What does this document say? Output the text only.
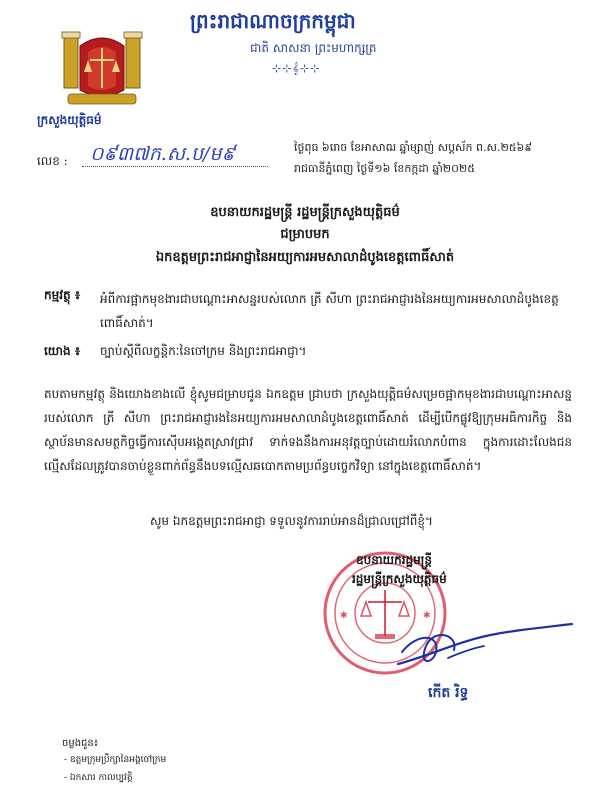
ព្រះរាជាណាចក្រកម្ពុជា
ជាតិ សាសនា ព្រះមហាក្សត្រ
⊹⊹𝄞⊹⊹
ក្រសួងយុត្តិធម៌
លេខ : ០៩៣៧ក.ស.ប/ម៩	ថ្ងៃពុធ ៦រោច ខែអាសាឍ ឆ្នាំម្សាញ់ សប្តស័ក ព.ស.២៥៦៩
រាជធានីភ្នំពេញ ថ្ងៃទី១៦ ខែកក្កដា ឆ្នាំ២០២៥
ឧបនាយករដ្ឋមន្ត្រី រដ្ឋមន្ត្រីក្រសួងយុត្តិធម៌
ជម្រាបមក
ឯកឧត្តមព្រះរាជអាជ្ញានៃអយ្យការអមសាលាដំបូងខេត្តពោធិ៍សាត់
កម្មវត្ថុ ៖ អំពីការផ្អាកមុខងារជាបណ្តោះអាសន្នរបស់លោក ត្រី សីហា ព្រះរាជអាជ្ញារងនៃអយ្យការអមសាលាដំបូងខេត្តពោធិ៍សាត់។
យោង ៖ ច្បាប់ស្តីពីលក្ខន្តិកៈនៃចៅក្រម និងព្រះរាជអាជ្ញា។
តបតាមកម្មវត្ថុ និងយោងខាងលើ ខ្ញុំសូមជម្រាបជូន ឯកឧត្តម ជ្រាបថា ក្រសួងយុត្តិធម៌សម្រេចផ្អាកមុខងារជាបណ្តោះអាសន្នរបស់លោក ត្រី សីហា ព្រះរាជអាជ្ញារងនៃអយ្យការអមសាលាដំបូងខេត្តពោធិ៍សាត់ ដើម្បីបើកផ្លូវឱ្យក្រុមអធិការកិច្ច និងស្ថាប័នមានសមត្ថកិច្ចធ្វើការស៊ើបអង្កេតស្រាវជ្រាវ ទាក់ទងនឹងការអនុវត្តច្បាប់ដោយរំលោភបំពាន ក្នុងការដោះលែងជនល្មើសដែលត្រូវបានចាប់ខ្លួនពាក់ព័ន្ធនឹងបទល្មើសឆបោកតាមប្រព័ន្ធបច្ចេកវិទ្យា នៅក្នុងខេត្តពោធិ៍សាត់។
សូម ឯកឧត្តមព្រះរាជអាជ្ញា ទទួលនូវការរាប់អានដ៏ជ្រាលជ្រៅពីខ្ញុំ។
✱	✱
ឧបនាយករដ្ឋមន្ត្រី
រដ្ឋមន្ត្រីក្រសួងយុត្តិធម៌
កើត រិទ្ធ
ចម្លងជូន៖
- ឧត្តមក្រុមប្រឹក្សានៃអង្គចៅក្រម
- ឯកសារ កាលប្បវត្តិ
